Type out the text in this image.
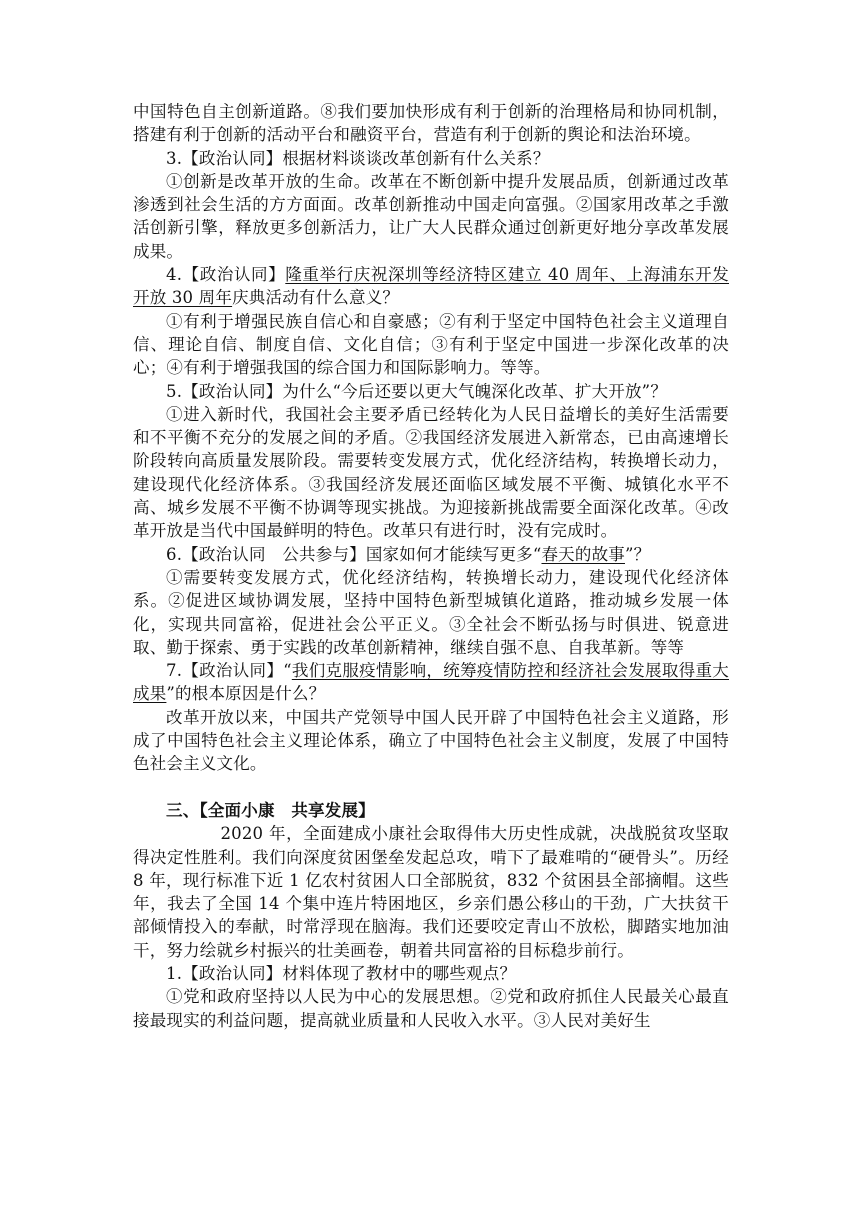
中国特色自主创新道路。⑧我们要加快形成有利于创新的治理格局和协同机制，搭建有利于创新的活动平台和融资平台，营造有利于创新的舆论和法治环境。

3.【政治认同】根据材料谈谈改革创新有什么关系？

①创新是改革开放的生命。改革在不断创新中提升发展品质，创新通过改革渗透到社会生活的方方面面。改革创新推动中国走向富强。②国家用改革之手激活创新引擎，释放更多创新活力，让广大人民群众通过创新更好地分享改革发展成果。

4.【政治认同】隆重举行庆祝深圳等经济特区建立 40 周年、上海浦东开发开放 30 周年庆典活动有什么意义？

①有利于增强民族自信心和自豪感；②有利于坚定中国特色社会主义道理自信、理论自信、制度自信、文化自信；③有利于坚定中国进一步深化改革的决心；④有利于增强我国的综合国力和国际影响力。等等。

5.【政治认同】为什么“今后还要以更大气魄深化改革、扩大开放”？

①进入新时代，我国社会主要矛盾已经转化为人民日益增长的美好生活需要和不平衡不充分的发展之间的矛盾。②我国经济发展进入新常态，已由高速增长阶段转向高质量发展阶段。需要转变发展方式，优化经济结构，转换增长动力，建设现代化经济体系。③我国经济发展还面临区域发展不平衡、城镇化水平不高、城乡发展不平衡不协调等现实挑战。为迎接新挑战需要全面深化改革。④改革开放是当代中国最鲜明的特色。改革只有进行时，没有完成时。

6.【政治认同　公共参与】国家如何才能续写更多“春天的故事”？

①需要转变发展方式，优化经济结构，转换增长动力，建设现代化经济体系。②促进区域协调发展，坚持中国特色新型城镇化道路，推动城乡发展一体化，实现共同富裕，促进社会公平正义。③全社会不断弘扬与时俱进、锐意进取、勤于探索、勇于实践的改革创新精神，继续自强不息、自我革新。等等

7.【政治认同】“我们克服疫情影响，统筹疫情防控和经济社会发展取得重大成果”的根本原因是什么？

改革开放以来，中国共产党领导中国人民开辟了中国特色社会主义道路，形成了中国特色社会主义理论体系，确立了中国特色社会主义制度，发展了中国特色社会主义文化。

三、【全面小康　共享发展】

2020 年，全面建成小康社会取得伟大历史性成就，决战脱贫攻坚取得决定性胜利。我们向深度贫困堡垒发起总攻，啃下了最难啃的“硬骨头”。历经 8 年，现行标准下近 1 亿农村贫困人口全部脱贫，832 个贫困县全部摘帽。这些年，我去了全国 14 个集中连片特困地区，乡亲们愚公移山的干劲，广大扶贫干部倾情投入的奉献，时常浮现在脑海。我们还要咬定青山不放松，脚踏实地加油干，努力绘就乡村振兴的壮美画卷，朝着共同富裕的目标稳步前行。

1.【政治认同】材料体现了教材中的哪些观点？

①党和政府坚持以人民为中心的发展思想。②党和政府抓住人民最关心最直接最现实的利益问题，提高就业质量和人民收入水平。③人民对美好生
